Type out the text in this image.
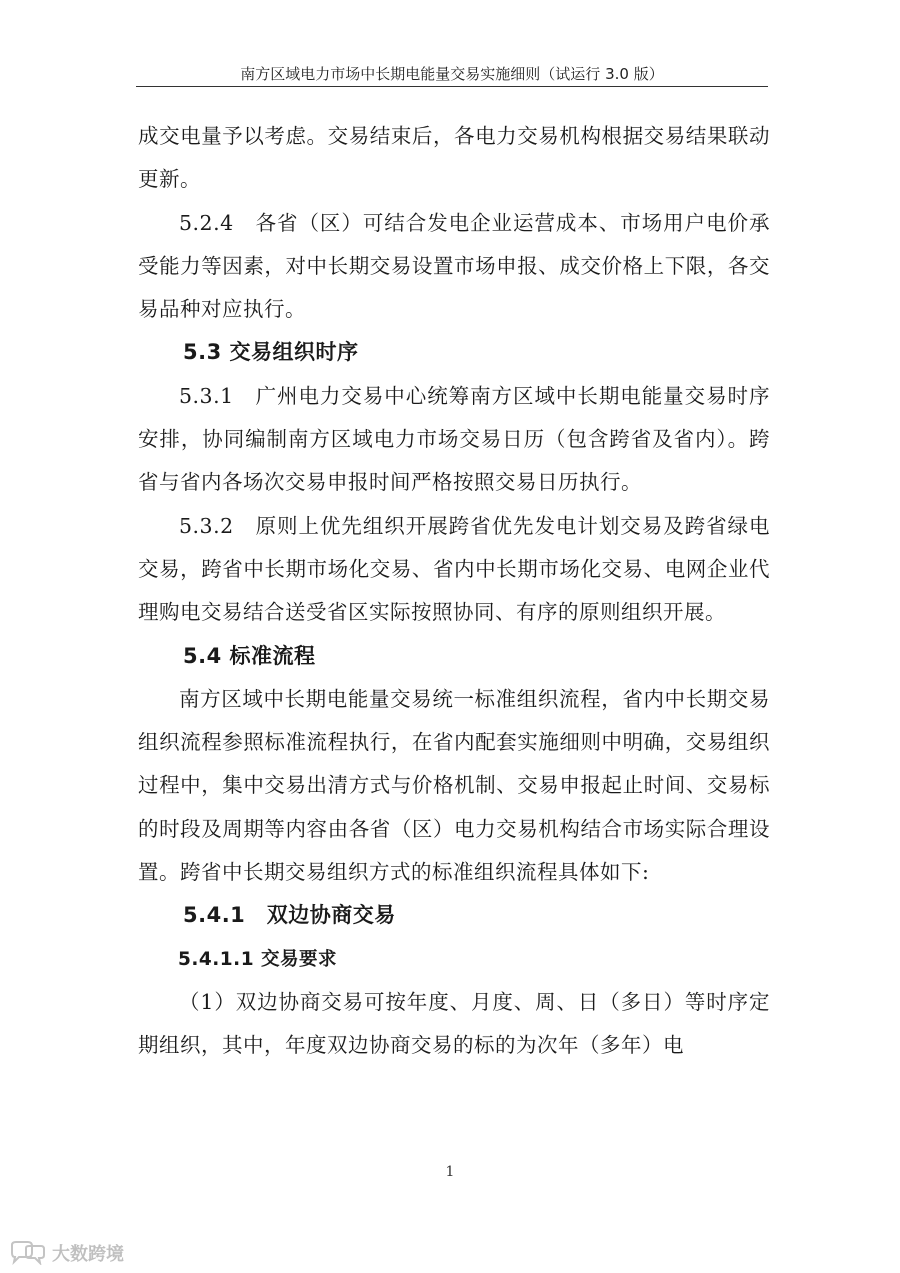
南方区域电力市场中长期电能量交易实施细则（试运行 3.0 版）

成交电量予以考虑。交易结束后，各电力交易机构根据交易结果联动更新。

5.2.4　各省（区）可结合发电企业运营成本、市场用户电价承受能力等因素，对中长期交易设置市场申报、成交价格上下限，各交易品种对应执行。

5.3 交易组织时序

5.3.1　广州电力交易中心统筹南方区域中长期电能量交易时序安排，协同编制南方区域电力市场交易日历（包含跨省及省内）。跨省与省内各场次交易申报时间严格按照交易日历执行。

5.3.2　原则上优先组织开展跨省优先发电计划交易及跨省绿电交易，跨省中长期市场化交易、省内中长期市场化交易、电网企业代理购电交易结合送受省区实际按照协同、有序的原则组织开展。

5.4 标准流程

南方区域中长期电能量交易统一标准组织流程，省内中长期交易组织流程参照标准流程执行，在省内配套实施细则中明确，交易组织过程中，集中交易出清方式与价格机制、交易申报起止时间、交易标的时段及周期等内容由各省（区）电力交易机构结合市场实际合理设置。跨省中长期交易组织方式的标准组织流程具体如下:

5.4.1　双边协商交易

5.4.1.1 交易要求

（1）双边协商交易可按年度、月度、周、日（多日）等时序定期组织，其中，年度双边协商交易的标的为次年（多年）电

1
大数跨境
